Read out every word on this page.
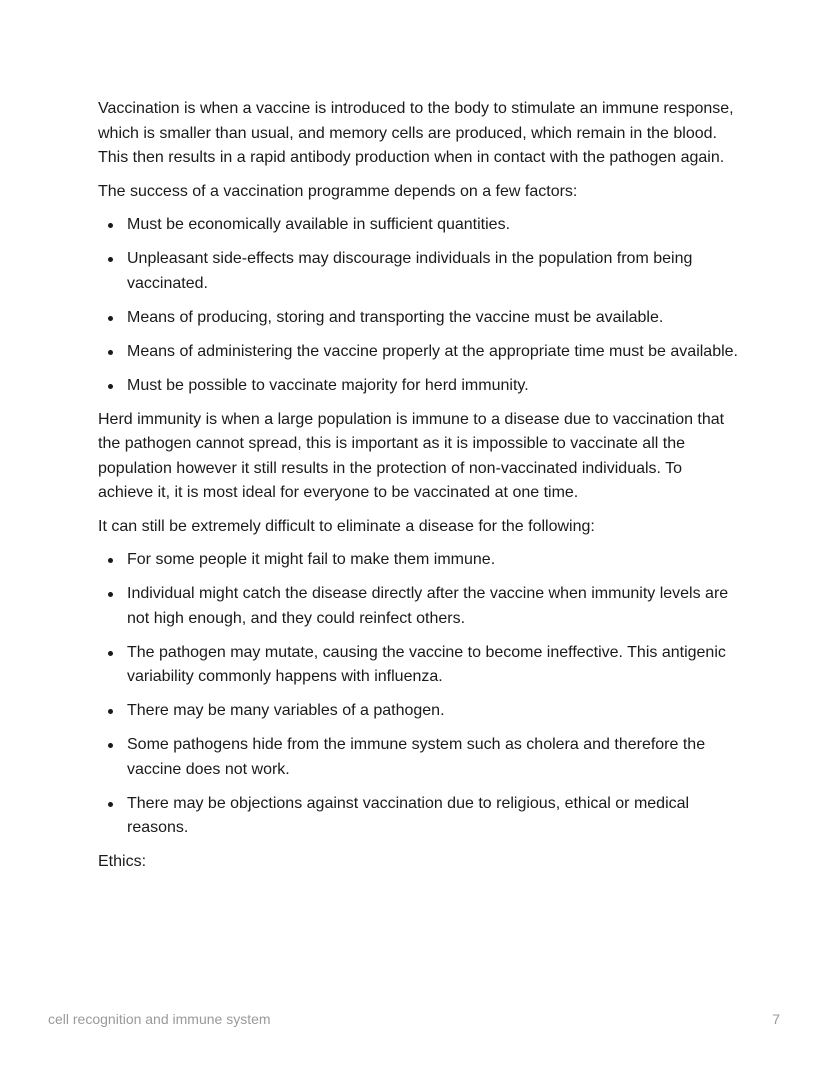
Vaccination is when a vaccine is introduced to the body to stimulate an immune response, which is smaller than usual, and memory cells are produced, which remain in the blood. This then results in a rapid antibody production when in contact with the pathogen again.

The success of a vaccination programme depends on a few factors:

Must be economically available in sufficient quantities.
Unpleasant side-effects may discourage individuals in the population from being vaccinated.
Means of producing, storing and transporting the vaccine must be available.
Means of administering the vaccine properly at the appropriate time must be available.
Must be possible to vaccinate majority for herd immunity.

Herd immunity is when a large population is immune to a disease due to vaccination that the pathogen cannot spread, this is important as it is impossible to vaccinate all the population however it still results in the protection of non-vaccinated individuals. To achieve it, it is most ideal for everyone to be vaccinated at one time.

It can still be extremely difficult to eliminate a disease for the following:

For some people it might fail to make them immune.
Individual might catch the disease directly after the vaccine when immunity levels are not high enough, and they could reinfect others.
The pathogen may mutate, causing the vaccine to become ineffective. This antigenic variability commonly happens with influenza.
There may be many variables of a pathogen.
Some pathogens hide from the immune system such as cholera and therefore the vaccine does not work.
There may be objections against vaccination due to religious, ethical or medical reasons.

Ethics:

cell recognition and immune system	7
